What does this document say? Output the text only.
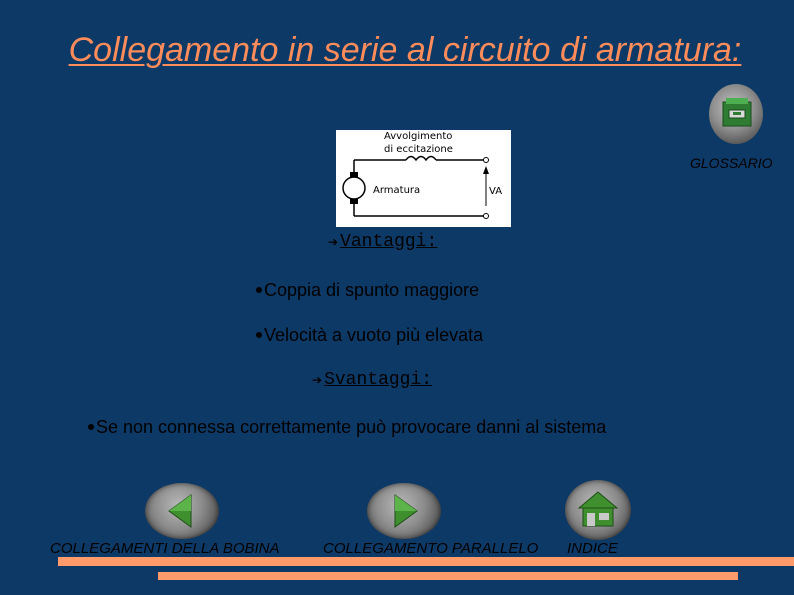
Collegamento in serie al circuito di armatura:
GLOSSARIO
Avvolgimento
di eccitazione
Armatura	VA
➔ Vantaggi:
Coppia di spunto maggiore
Velocità a vuoto più elevata
➔ Svantaggi:
Se non connessa correttamente può provocare danni al sistema
COLLEGAMENTI DELLA BOBINA	COLLEGAMENTO PARALLELO INDICE
